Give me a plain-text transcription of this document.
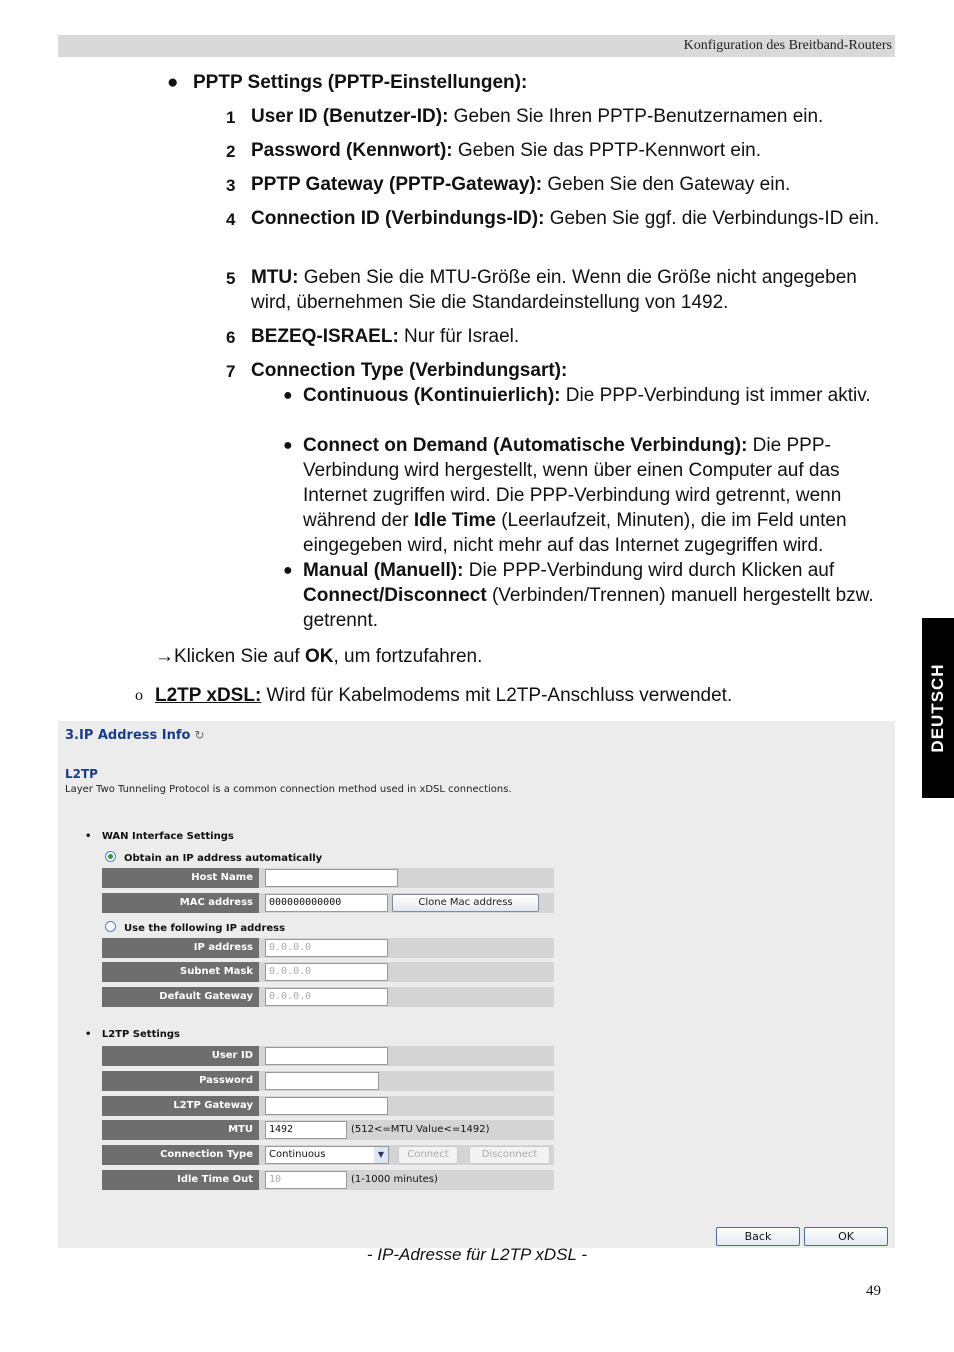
Konfiguration des Breitband-Routers
DEUTSCH
● PPTP Settings (PPTP-Einstellungen):
1 User ID (Benutzer-ID): Geben Sie Ihren PPTP-Benutzernamen ein.
2 Password (Kennwort): Geben Sie das PPTP-Kennwort ein.
3 PPTP Gateway (PPTP-Gateway): Geben Sie den Gateway ein.
4 Connection ID (Verbindungs-ID): Geben Sie ggf. die Verbindungs-ID ein.
5 MTU: Geben Sie die MTU-Größe ein. Wenn die Größe nicht angegeben wird, übernehmen Sie die Standardeinstellung von 1492.
6 BEZEQ-ISRAEL: Nur für Israel.
7 Connection Type (Verbindungsart):
● Continuous (Kontinuierlich): Die PPP-Verbindung ist immer aktiv.
● Connect on Demand (Automatische Verbindung): Die PPP-Verbindung wird hergestellt, wenn über einen Computer auf das Internet zugriffen wird. Die PPP-Verbindung wird getrennt, wenn während der Idle Time (Leerlaufzeit, Minuten), die im Feld unten eingegeben wird, nicht mehr auf das Internet zugegriffen wird.
● Manual (Manuell): Die PPP-Verbindung wird durch Klicken auf Connect/Disconnect (Verbinden/Trennen) manuell hergestellt bzw. getrennt.
→Klicken Sie auf OK, um fortzufahren.
o L2TP xDSL: Wird für Kabelmodems mit L2TP-Anschluss verwendet.
3.IP Address Info ↻
L2TP
Layer Two Tunneling Protocol is a common connection method used in xDSL connections.
•   WAN Interface Settings
Obtain an IP address automatically
Host Name
MAC address	000000000000	Clone Mac address
Use the following IP address
IP address	0.0.0.0
Subnet Mask	0.0.0.0
Default Gateway	0.0.0.0
•   L2TP Settings
User ID
Password
L2TP Gateway
MTU	1492	(512<=MTU Value<=1492)
Connection Type	Continuous	▼	Connect	Disconnect
Idle Time Out	10	(1-1000 minutes)
Back	OK
- IP-Adresse für L2TP xDSL -
49
